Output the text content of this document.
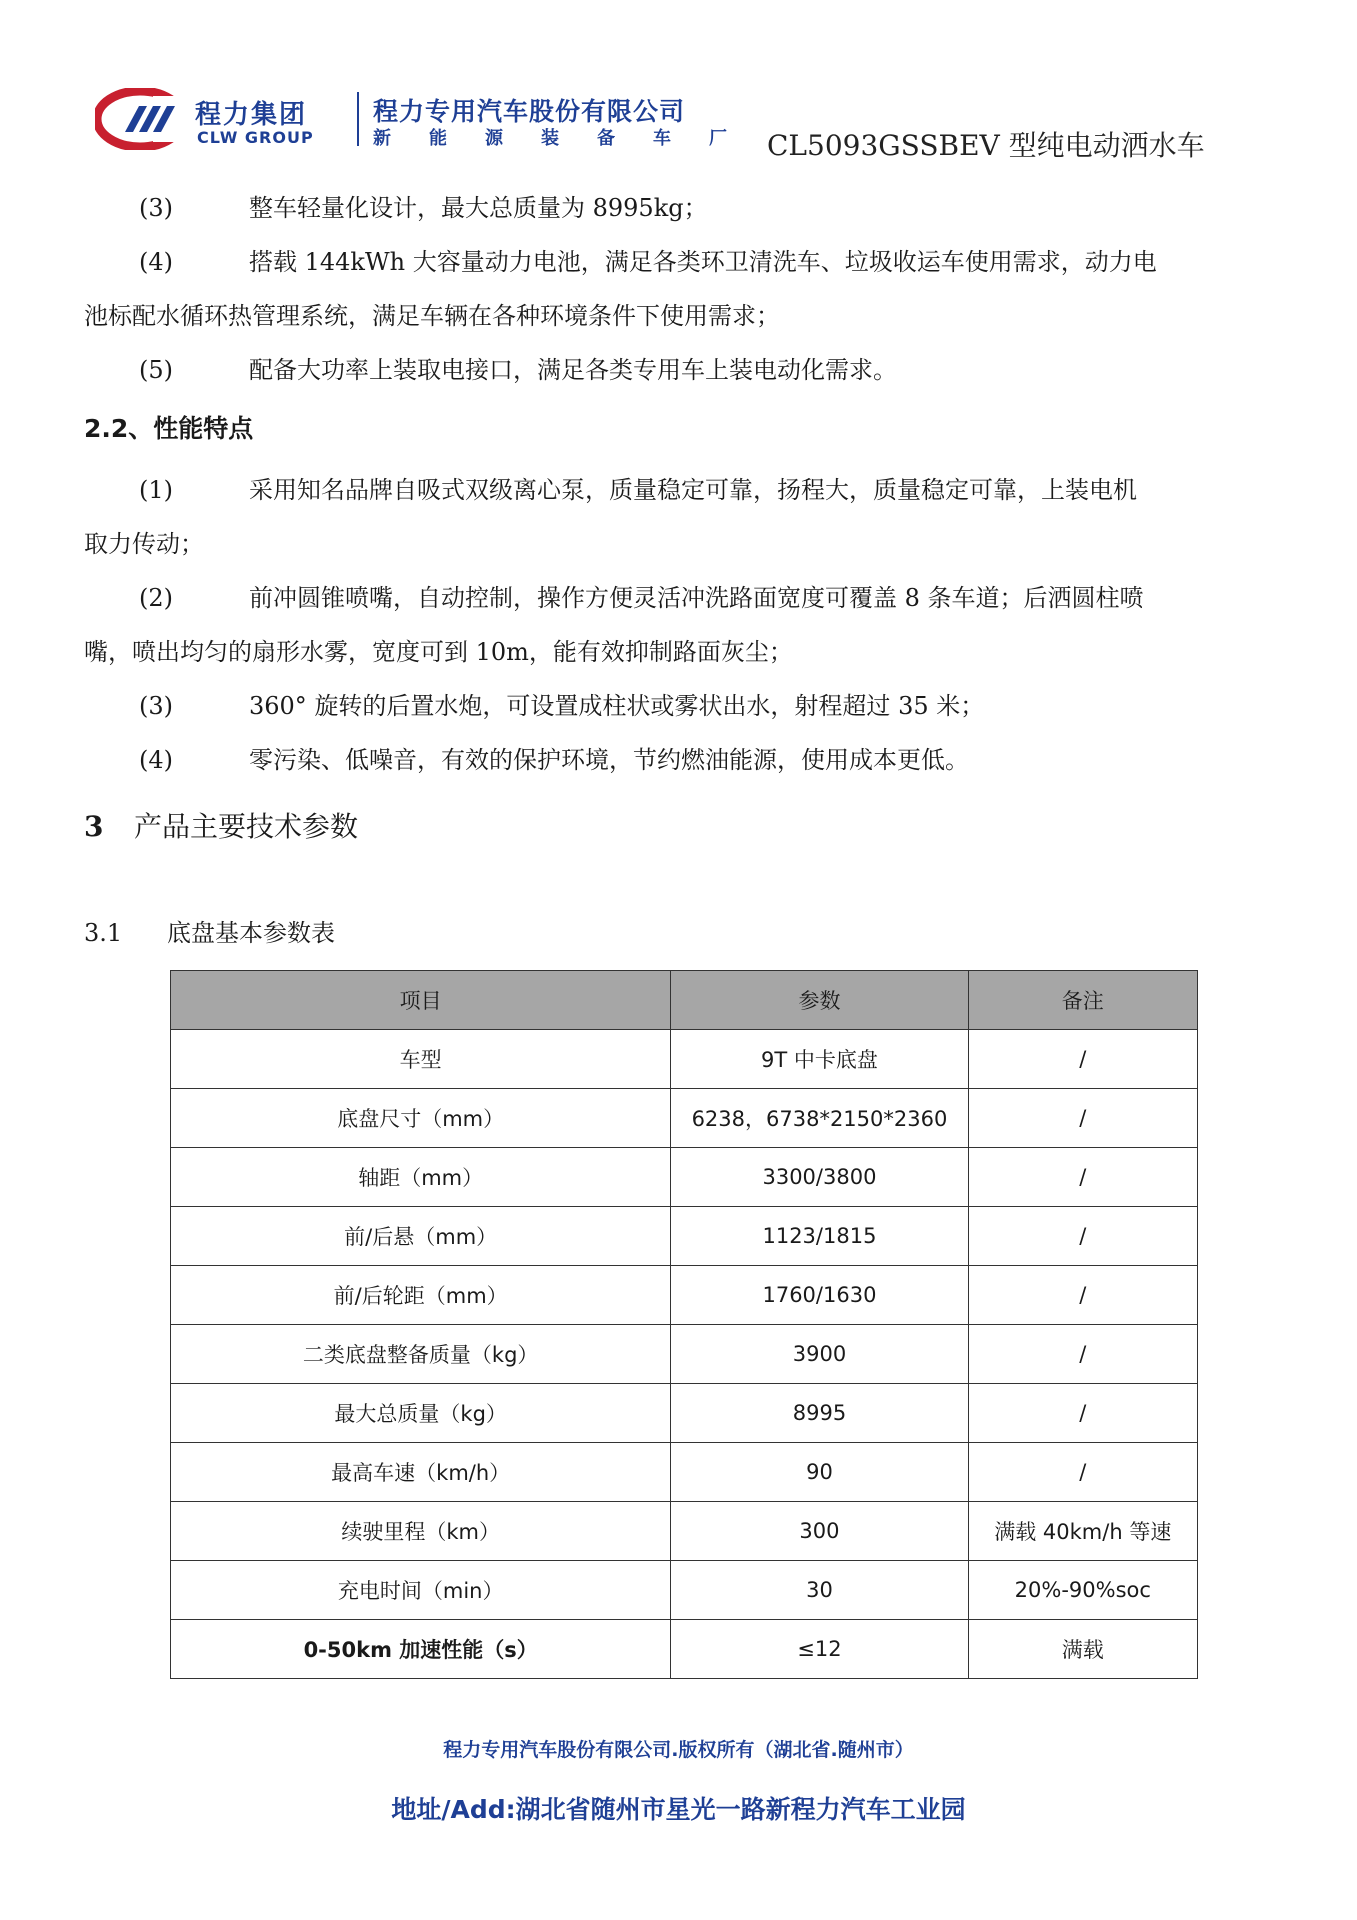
程力集团
CLW GROUP
程力专用汽车股份有限公司
新 能 源 装 备 车 厂 CL5093GSSBEV 型纯电动洒水车
(3)	整车轻量化设计，最大总质量为 8995kg；
(4)	搭载 144kWh 大容量动力电池，满足各类环卫清洗车、垃圾收运车使用需求，动力电
池标配水循环热管理系统，满足车辆在各种环境条件下使用需求；
(5)	配备大功率上装取电接口，满足各类专用车上装电动化需求。
2.2、性能特点
(1)	采用知名品牌自吸式双级离心泵，质量稳定可靠，扬程大，质量稳定可靠，上装电机
取力传动；
(2)	前冲圆锥喷嘴，自动控制，操作方便灵活冲洗路面宽度可覆盖 8 条车道；后洒圆柱喷
嘴，喷出均匀的扇形水雾，宽度可到 10m，能有效抑制路面灰尘；
(3)	360° 旋转的后置水炮，可设置成柱状或雾状出水，射程超过 35 米；
(4)	零污染、低噪音，有效的保护环境，节约燃油能源，使用成本更低。
3 产品主要技术参数
3.1 底盘基本参数表
项目	参数	备注
车型	9T 中卡底盘	/
底盘尺寸（mm）	6238，6738*2150*2360	/
轴距（mm）	3300/3800	/
前/后悬（mm）	1123/1815	/
前/后轮距（mm）	1760/1630	/
二类底盘整备质量（kg）	3900	/
最大总质量（kg）	8995	/
最高车速（km/h）	90	/
续驶里程（km）	300	满载 40km/h 等速
充电时间（min）	30	20%-90%soc
0-50km 加速性能（s）	≤12	满载
程力专用汽车股份有限公司.版权所有（湖北省.随州市）
地址/Add:湖北省随州市星光一路新程力汽车工业园
